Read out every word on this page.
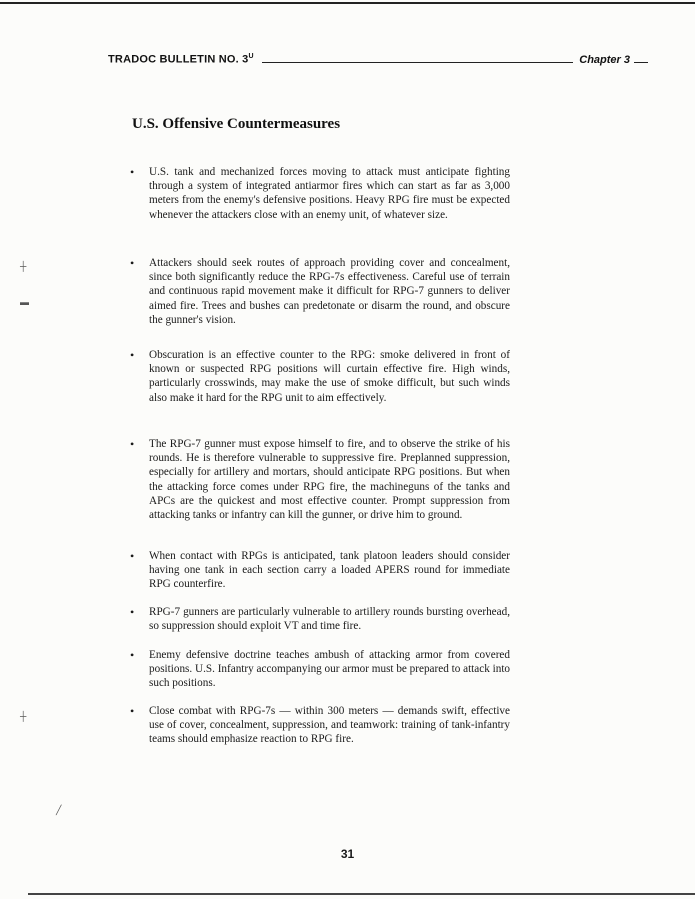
TRADOC BULLETIN NO. $3^U$	Chapter 3
U.S. Offensive Countermeasures
•	U.S. tank and mechanized forces moving to attack must anticipate fighting through a system of integrated antiarmor fires which can start as far as 3,000 meters from the enemy's defensive positions. Heavy RPG fire must be expected whenever the attackers close with an enemy unit, of whatever size.
•	Attackers should seek routes of approach providing cover and concealment, since both significantly reduce the RPG-7s effectiveness. Careful use of terrain and continuous rapid movement make it difficult for RPG-7 gunners to deliver aimed fire. Trees and bushes can predetonate or disarm the round, and obscure the gunner's vision.
•	Obscuration is an effective counter to the RPG: smoke delivered in front of known or suspected RPG positions will curtain effective fire. High winds, particularly crosswinds, may make the use of smoke difficult, but such winds also make it hard for the RPG unit to aim effectively.
•	The RPG-7 gunner must expose himself to fire, and to observe the strike of his rounds. He is therefore vulnerable to suppressive fire. Preplanned suppression, especially for artillery and mortars, should anticipate RPG positions. But when the attacking force comes under RPG fire, the machineguns of the tanks and APCs are the quickest and most effective counter. Prompt suppression from attacking tanks or infantry can kill the gunner, or drive him to ground.
•	When contact with RPGs is anticipated, tank platoon leaders should consider having one tank in each section carry a loaded APERS round for immediate RPG counterfire.
•	RPG-7 gunners are particularly vulnerable to artillery rounds bursting overhead, so suppression should exploit VT and time fire.
•	Enemy defensive doctrine teaches ambush of attacking armor from covered positions. U.S. Infantry accompanying our armor must be prepared to attack into such positions.
•	Close combat with RPG-7s — within 300 meters — demands swift, effective use of cover, concealment, suppression, and teamwork: training of tank-infantry teams should emphasize reaction to RPG fire.
31
┼
▬
┼
╱
